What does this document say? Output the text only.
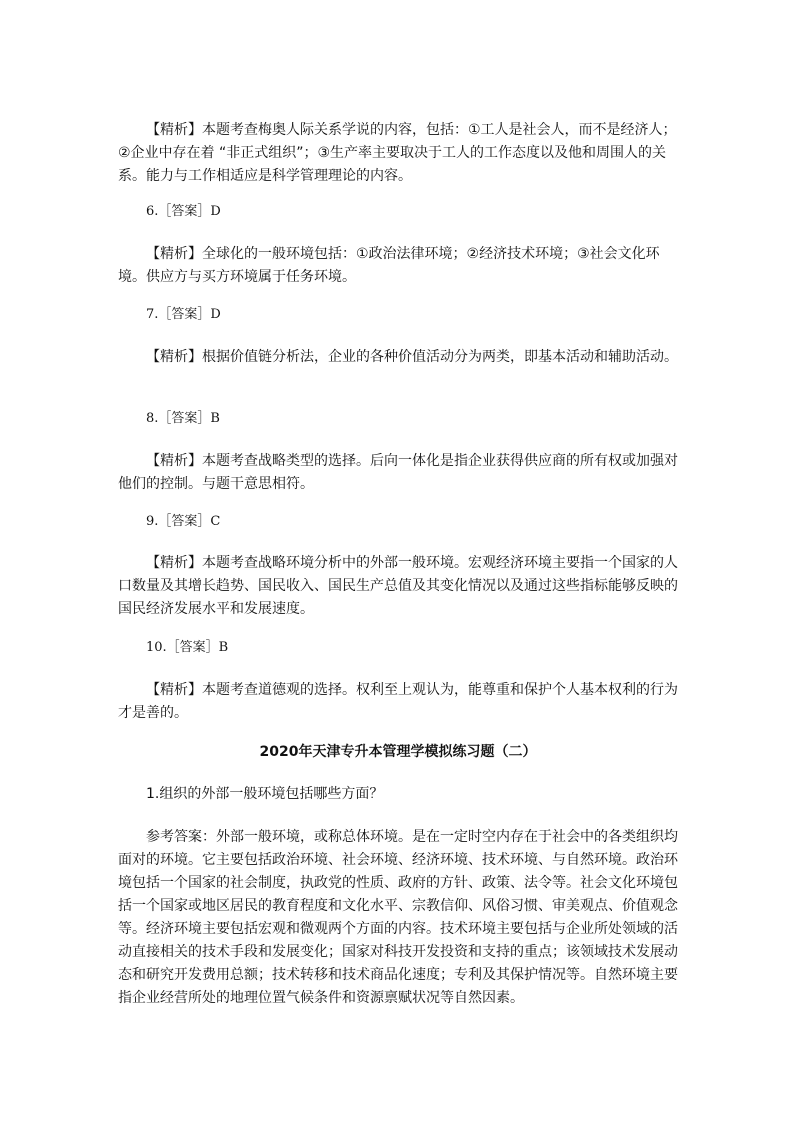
【精析】本题考查梅奥人际关系学说的内容，包括：①工人是社会人，而不是经济人；②企业中存在着 “非正式组织”；③生产率主要取决于工人的工作态度以及他和周围人的关系。能力与工作相适应是科学管理理论的内容。

6.［答案］D

【精析】全球化的一般环境包括：①政治法律环境；②经济技术环境；③社会文化环境。供应方与买方环境属于任务环境。

7.［答案］D

【精析】根据价值链分析法，企业的各种价值活动分为两类，即基本活动和辅助活动。

8.［答案］B

【精析】本题考查战略类型的选择。后向一体化是指企业获得供应商的所有权或加强对他们的控制。与题干意思相符。

9.［答案］C

【精析】本题考查战略环境分析中的外部一般环境。宏观经济环境主要指一个国家的人口数量及其增长趋势、国民收入、国民生产总值及其变化情况以及通过这些指标能够反映的国民经济发展水平和发展速度。

10.［答案］B

【精析】本题考查道德观的选择。权利至上观认为，能尊重和保护个人基本权利的行为才是善的。

2020年天津专升本管理学模拟练习题（二）

1.组织的外部一般环境包括哪些方面？

参考答案：外部一般环境，或称总体环境。是在一定时空内存在于社会中的各类组织均面对的环境。它主要包括政治环境、社会环境、经济环境、技术环境、与自然环境。政治环境包括一个国家的社会制度，执政党的性质、政府的方针、政策、法令等。社会文化环境包括一个国家或地区居民的教育程度和文化水平、宗教信仰、风俗习惯、审美观点、价值观念等。经济环境主要包括宏观和微观两个方面的内容。技术环境主要包括与企业所处领域的活动直接相关的技术手段和发展变化；国家对科技开发投资和支持的重点；该领域技术发展动态和研究开发费用总额；技术转移和技术商品化速度；专利及其保护情况等。自然环境主要指企业经营所处的地理位置气候条件和资源禀赋状况等自然因素。
